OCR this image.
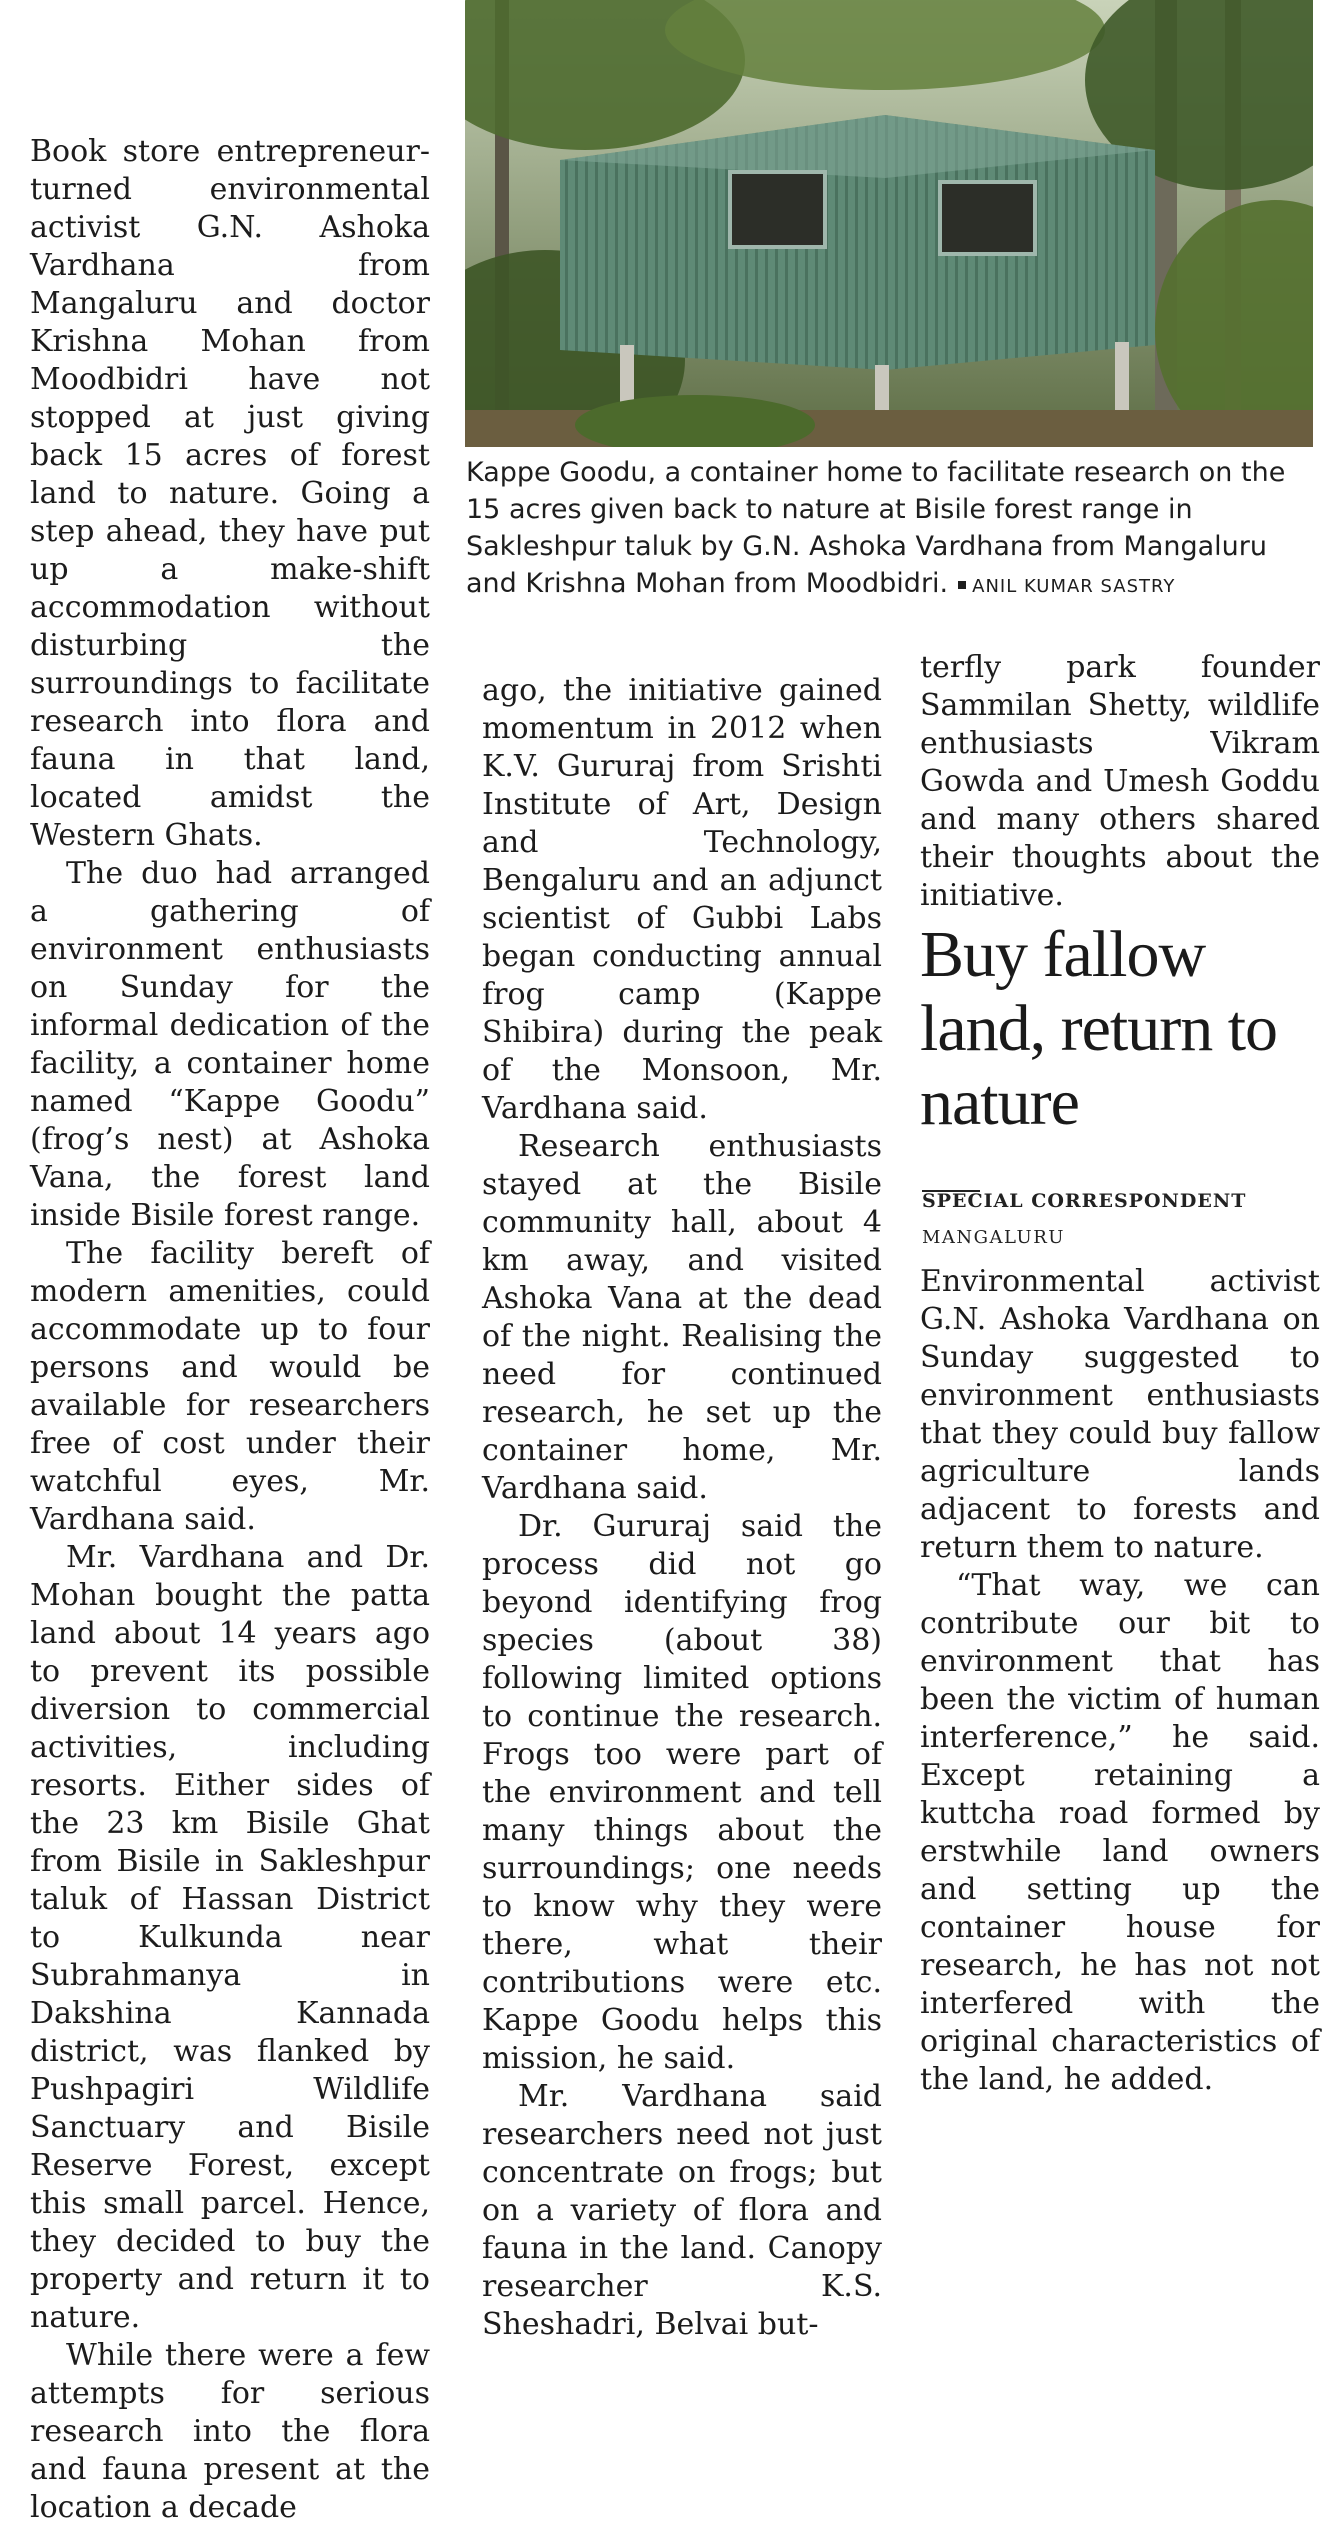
Book store entrepreneur-turned environmental activist G.N. Ashoka Vardhana from Mangaluru and doctor Krishna Mohan from Moodbidri have not stopped at just giving back 15 acres of forest land to nature. Going a step ahead, they have put up a make-shift accommodation without disturbing the surroundings to facilitate research into flora and fauna in that land, located amidst the Western Ghats.

The duo had arranged a gathering of environment enthusiasts on Sunday for the informal dedication of the facility, a container home named “Kappe Goodu” (frog’s nest) at Ashoka Vana, the forest land inside Bisile forest range.

The facility bereft of modern amenities, could accommodate up to four persons and would be available for researchers free of cost under their watchful eyes, Mr. Vardhana said.

Mr. Vardhana and Dr. Mohan bought the patta land about 14 years ago to prevent its possible diversion to commercial activities, including resorts. Either sides of the 23 km Bisile Ghat from Bisile in Sakleshpur taluk of Hassan District to Kulkunda near Subrahmanya in Dakshina Kannada district, was flanked by Pushpagiri Wildlife Sanctuary and Bisile Reserve Forest, except this small parcel. Hence, they decided to buy the property and return it to nature.

While there were a few attempts for serious research into the flora and fauna present at the location a decade

Kappe Goodu, a container home to facilitate research on the 15 acres given back to nature at Bisile forest range in Sakleshpur taluk by G.N. Ashoka Vardhana from Mangaluru and Krishna Mohan from Moodbidri. ANIL KUMAR SASTRY

ago, the initiative gained momentum in 2012 when K.V. Gururaj from Srishti Institute of Art, Design and Technology, Bengaluru and an adjunct scientist of Gubbi Labs began conducting annual frog camp (Kappe Shibira) during the peak of the Monsoon, Mr. Vardhana said.

Research enthusiasts stayed at the Bisile community hall, about 4 km away, and visited Ashoka Vana at the dead of the night. Realising the need for continued research, he set up the container home, Mr. Vardhana said.

Dr. Gururaj said the process did not go beyond identifying frog species (about 38) following limited options to continue the research. Frogs too were part of the environment and tell many things about the surroundings; one needs to know why they were there, what their contributions were etc. Kappe Goodu helps this mission, he said.

Mr. Vardhana said researchers need not just concentrate on frogs; but on a variety of flora and fauna in the land. Canopy researcher K.S. Sheshadri, Belvai but-

terfly park founder Sammilan Shetty, wildlife enthusiasts Vikram Gowda and Umesh Goddu and many others shared their thoughts about the initiative.

Buy fallow land, return to nature
SPECIAL CORRESPONDENT
MANGALURU

Environmental activist G.N. Ashoka Vardhana on Sunday suggested to environment enthusiasts that they could buy fallow agriculture lands adjacent to forests and return them to nature.

“That way, we can contribute our bit to environment that has been the victim of human interference,” he said. Except retaining a kuttcha road formed by erstwhile land owners and setting up the container house for research, he has not not interfered with the original characteristics of the land, he added.
